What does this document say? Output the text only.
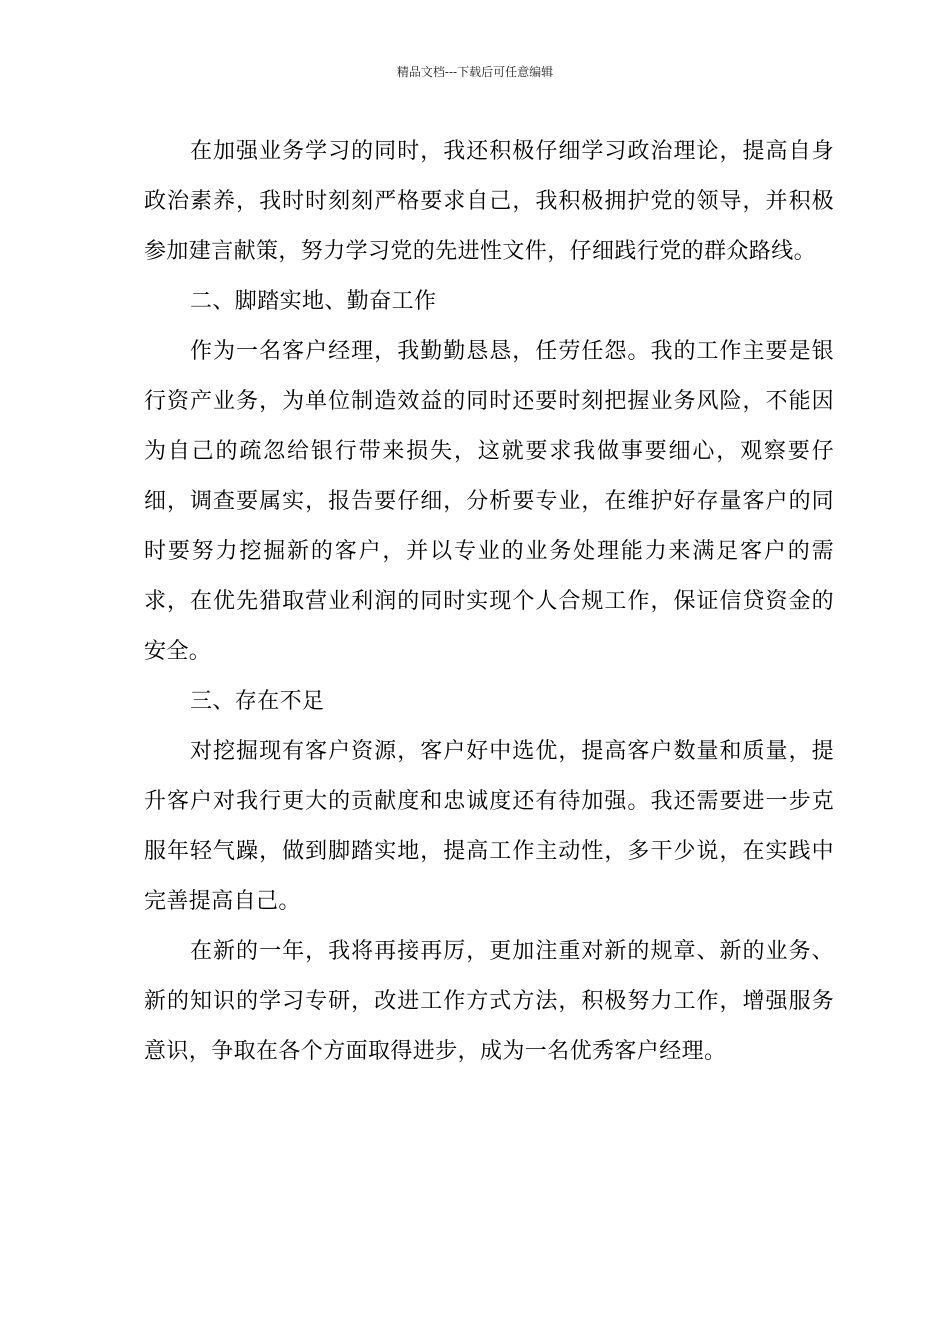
精品文档---下载后可任意编辑

在加强业务学习的同时，我还积极仔细学习政治理论，提高自身政治素养，我时时刻刻严格要求自己，我积极拥护党的领导，并积极参加建言献策，努力学习党的先进性文件，仔细践行党的群众路线。

二、脚踏实地、勤奋工作

作为一名客户经理，我勤勤恳恳，任劳任怨。我的工作主要是银行资产业务，为单位制造效益的同时还要时刻把握业务风险，不能因为自己的疏忽给银行带来损失，这就要求我做事要细心，观察要仔细，调查要属实，报告要仔细，分析要专业，在维护好存量客户的同时要努力挖掘新的客户，并以专业的业务处理能力来满足客户的需求，在优先猎取营业利润的同时实现个人合规工作，保证信贷资金的安全。

三、存在不足

对挖掘现有客户资源，客户好中选优，提高客户数量和质量，提升客户对我行更大的贡献度和忠诚度还有待加强。我还需要进一步克服年轻气躁，做到脚踏实地，提高工作主动性，多干少说，在实践中完善提高自己。

在新的一年，我将再接再厉，更加注重对新的规章、新的业务、新的知识的学习专研，改进工作方式方法，积极努力工作，增强服务意识，争取在各个方面取得进步，成为一名优秀客户经理。
